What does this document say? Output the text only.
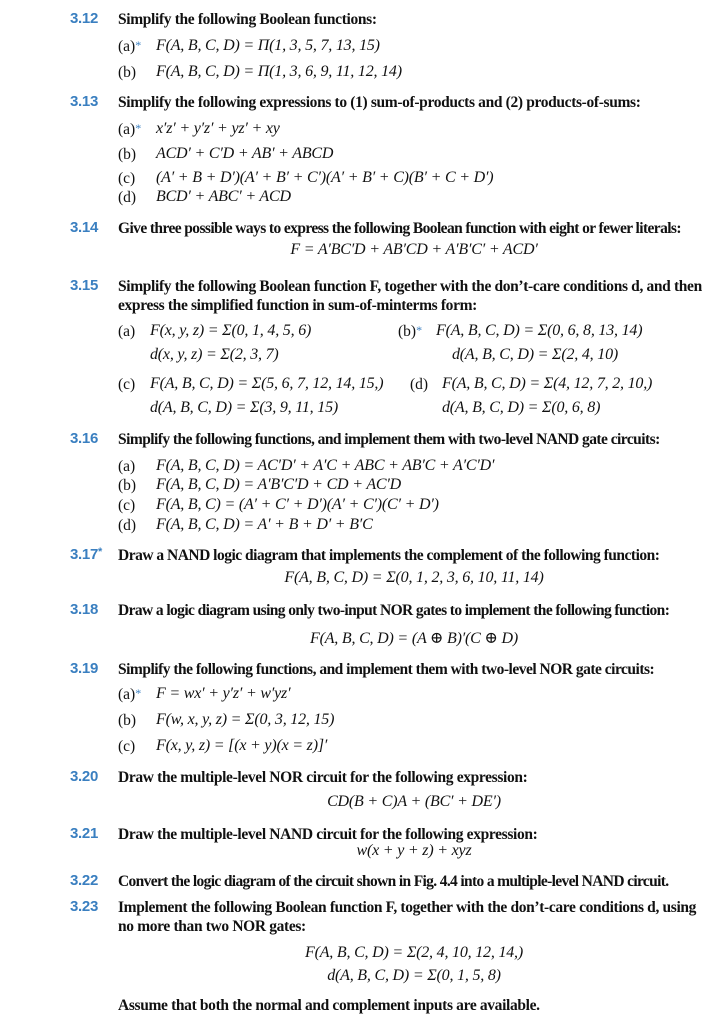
3.12 Simplify the following Boolean functions:
(a)* F(A, B, C, D) = Π(1, 3, 5, 7, 13, 15)
(b) F(A, B, C, D) = Π(1, 3, 6, 9, 11, 12, 14)
3.13 Simplify the following expressions to (1) sum-of-products and (2) products-of-sums:
(a)* x′z′ + y′z′ + yz′ + xy
(b) ACD′ + C′D + AB′ + ABCD
(c) (A′ + B + D′)(A′ + B′ + C′)(A′ + B′ + C)(B′ + C + D′)
(d) BCD′ + ABC′ + ACD
3.14 Give three possible ways to express the following Boolean function with eight or fewer literals:
F = A′BC′D + AB′CD + A′B′C′ + ACD′
3.15 Simplify the following Boolean function F, together with the don’t-care conditions d, and then express the simplified function in sum-of-minterms form:
(a) F(x, y, z) = Σ(0, 1, 4, 5, 6)
d(x, y, z) = Σ(2, 3, 7)
(b)* F(A, B, C, D) = Σ(0, 6, 8, 13, 14)
d(A, B, C, D) = Σ(2, 4, 10)
(c) F(A, B, C, D) = Σ(5, 6, 7, 12, 14, 15,)
d(A, B, C, D) = Σ(3, 9, 11, 15)
(d) F(A, B, C, D) = Σ(4, 12, 7, 2, 10,)
d(A, B, C, D) = Σ(0, 6, 8)
3.16 Simplify the following functions, and implement them with two-level NAND gate circuits:
(a) F(A, B, C, D) = AC′D′ + A′C + ABC + AB′C + A′C′D′
(b) F(A, B, C, D) = A′B′C′D + CD + AC′D
(c) F(A, B, C) = (A′ + C′ + D′)(A′ + C′)(C′ + D′)
(d) F(A, B, C, D) = A′ + B + D′ + B′C
3.17* Draw a NAND logic diagram that implements the complement of the following function:
F(A, B, C, D) = Σ(0, 1, 2, 3, 6, 10, 11, 14)
3.18 Draw a logic diagram using only two-input NOR gates to implement the following function:
F(A, B, C, D) = (A ⊕ B)′(C ⊕ D)
3.19 Simplify the following functions, and implement them with two-level NOR gate circuits:
(a)* F = wx′ + y′z′ + w′yz′
(b) F(w, x, y, z) = Σ(0, 3, 12, 15)
(c) F(x, y, z) = [(x + y)(x = z)]′
3.20 Draw the multiple-level NOR circuit for the following expression:
CD(B + C)A + (BC′ + DE′)
3.21 Draw the multiple-level NAND circuit for the following expression:
w(x + y + z) + xyz
3.22 Convert the logic diagram of the circuit shown in Fig. 4.4 into a multiple-level NAND circuit.
3.23 Implement the following Boolean function F, together with the don’t-care conditions d, using no more than two NOR gates:
F(A, B, C, D) = Σ(2, 4, 10, 12, 14,)
d(A, B, C, D) = Σ(0, 1, 5, 8)
Assume that both the normal and complement inputs are available.
